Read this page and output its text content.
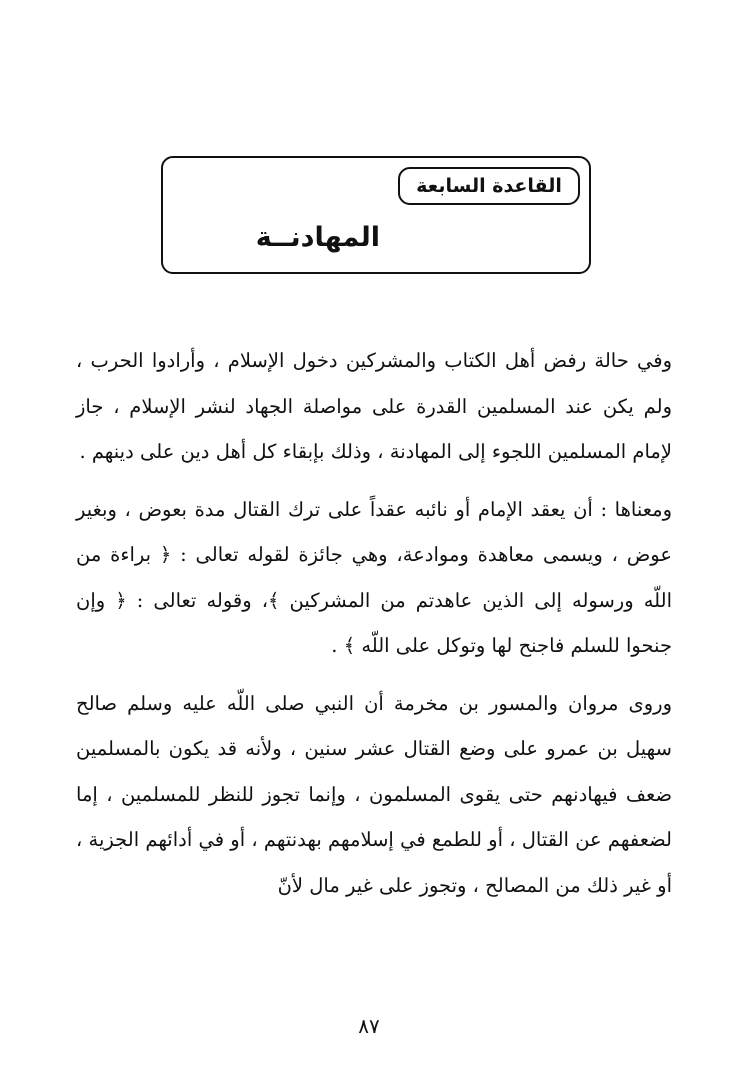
القاعدة السابعة
المهادنــة

وفي حالة رفض أهل الكتاب والمشركين دخول الإسلام ، وأرادوا الحرب ، ولم يكن عند المسلمين القدرة على مواصلة الجهاد لنشر الإسلام ، جاز لإمام المسلمين اللجوء إلى المهادنة ، وذلك بإبقاء كل أهل دين على دينهم .

ومعناها : أن يعقد الإمام أو نائبه عقداً على ترك القتال مدة بعوض ، وبغير عوض ، ويسمى معاهدة وموادعة، وهي جائزة لقوله تعالى : ﴿ براءة من اللّه ورسوله إلى الذين عاهدتم من المشركين ﴾، وقوله تعالى : ﴿ وإن جنحوا للسلم فاجنح لها وتوكل على اللّه ﴾ .

وروى مروان والمسور بن مخرمة أن النبي صلى اللّه عليه وسلم صالح سهيل بن عمرو على وضع القتال عشر سنين ، ولأنه قد يكون بالمسلمين ضعف فيهادنهم حتى يقوى المسلمون ، وإنما تجوز للنظر للمسلمين ، إما لضعفهم عن القتال ، أو للطمع في إسلامهم بهدنتهم ، أو في أدائهم الجزية ، أو غير ذلك من المصالح ، وتجوز على غير مال لأنّ

٨٧
